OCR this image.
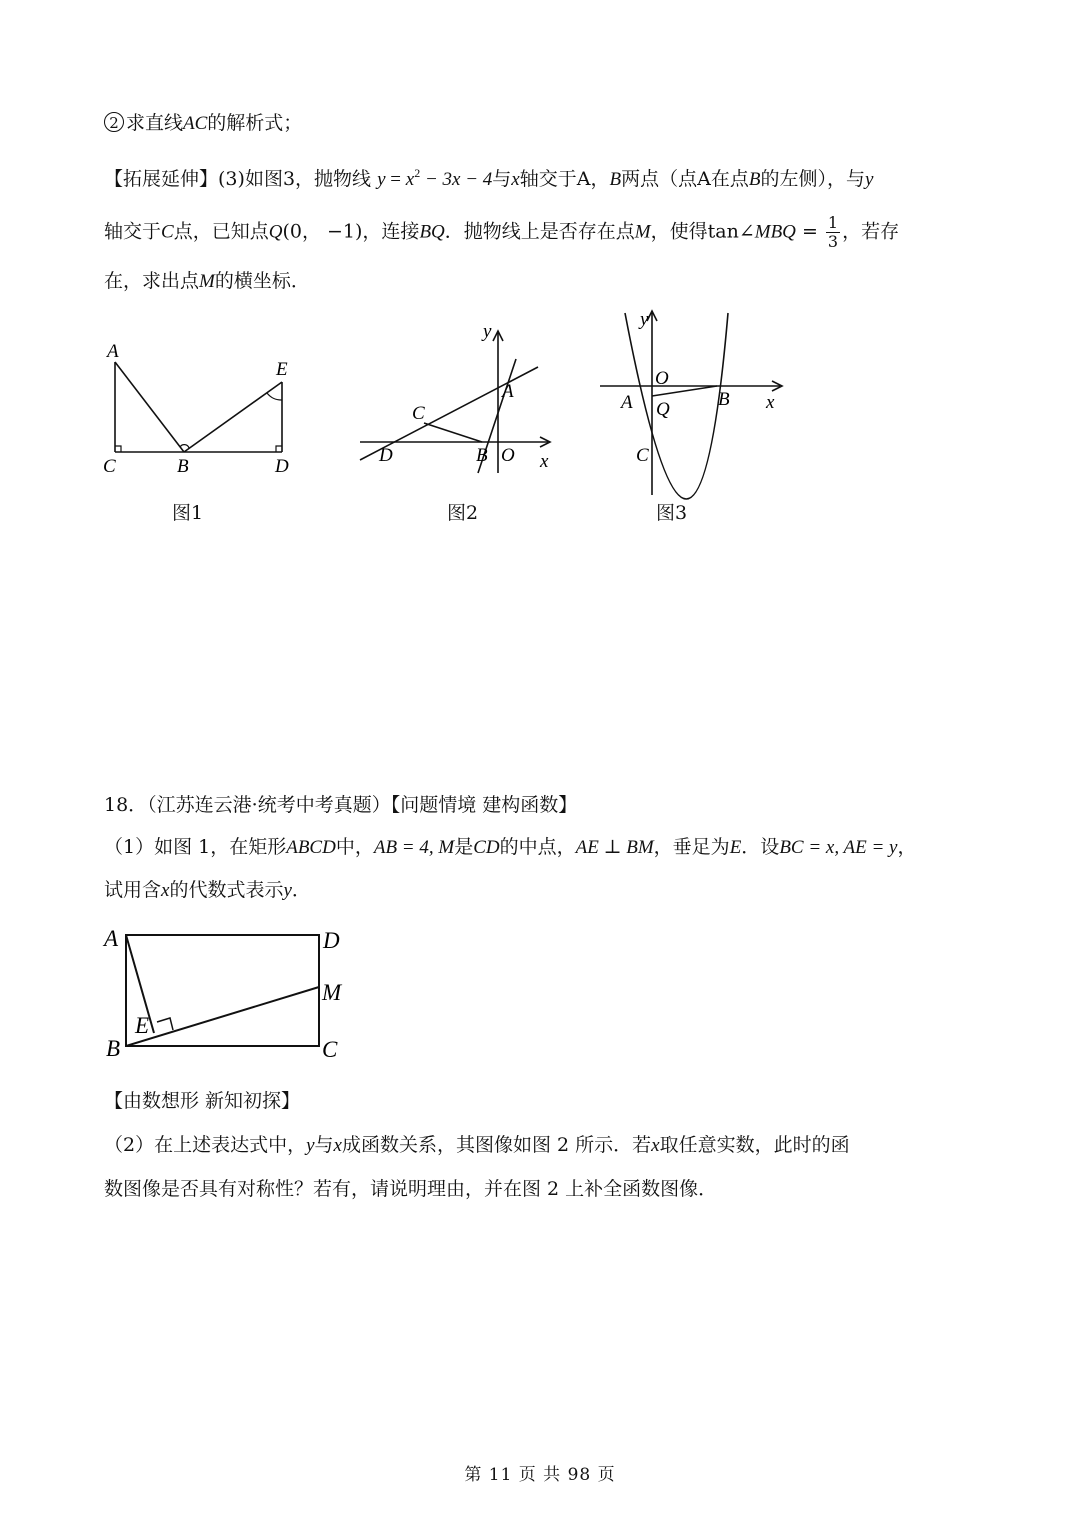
2 求直线AC的解析式；
【拓展延伸】(3)如图3，抛物线 $y = x^2 - 3x - 4$与x轴交于A，B两点（点A在点B的左侧），与y
轴交于C点，已知点Q(0， −1)，连接BQ．抛物线上是否存在点M，使得tan∠MBQ = $\frac{1}{3}$ ，若存
在，求出点M的横坐标．
A
E
C	B	D
图1
y
A
C
D	B O x
图2
y
O
A Q	B x
C
图3
18．（江苏连云港·统考中考真题）【问题情境 建构函数】
（1）如图 1，在矩形ABCD中，AB = 4, M是CD的中点，AE ⊥ BM，垂足为E．设BC = x, AE = y，
试用含x的代数式表示y．
A	D
M
E
B	C
【由数想形 新知初探】
（2）在上述表达式中，y与x成函数关系，其图像如图 2 所示．若x取任意实数，此时的函
数图像是否具有对称性？若有，请说明理由，并在图 2 上补全函数图像．
第 11 页 共 98 页
